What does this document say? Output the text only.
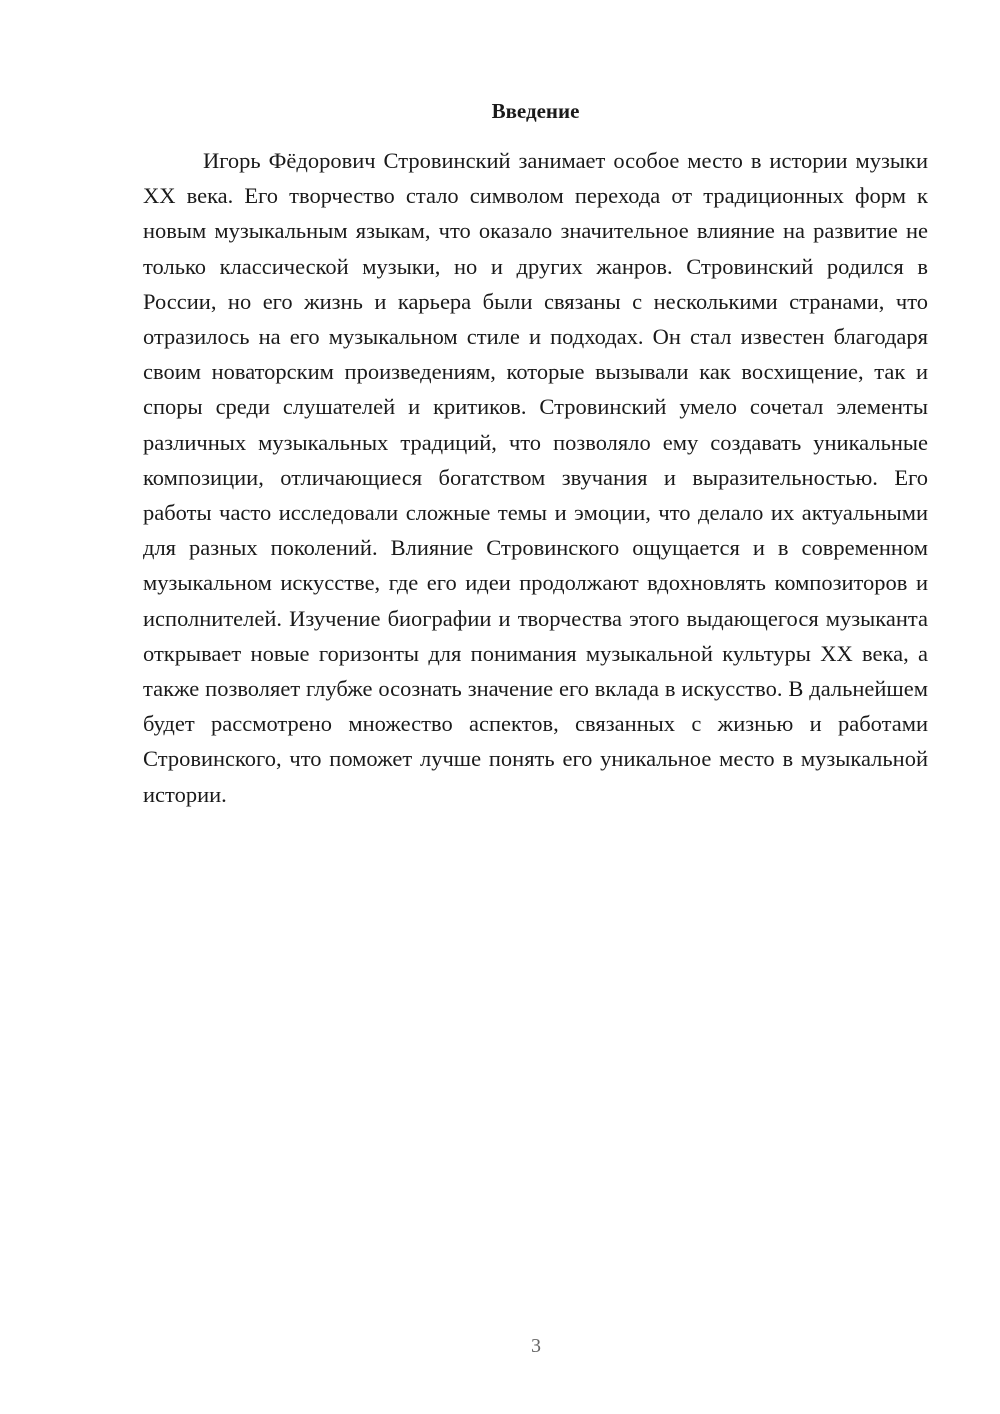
Введение

Игорь Фёдорович Стровинский занимает особое место в истории музыки XX века. Его творчество стало символом перехода от традиционных форм к новым музыкальным языкам, что оказало значительное влияние на развитие не только классической музыки, но и других жанров. Стровинский родился в России, но его жизнь и карьера были связаны с несколькими странами, что отразилось на его музыкальном стиле и подходах. Он стал известен благодаря своим новаторским произведениям, которые вызывали как восхищение, так и споры среди слушателей и критиков. Стровинский умело сочетал элементы различных музыкальных традиций, что позволяло ему создавать уникальные композиции, отличающиеся богатством звучания и выразительностью. Его работы часто исследовали сложные темы и эмоции, что делало их актуальными для разных поколений. Влияние Стровинского ощущается и в современном музыкальном искусстве, где его идеи продолжают вдохновлять композиторов и исполнителей. Изучение биографии и творчества этого выдающегося музыканта открывает новые горизонты для понимания музыкальной культуры XX века, а также позволяет глубже осознать значение его вклада в искусство. В дальнейшем будет рассмотрено множество аспектов, связанных с жизнью и работами Стровинского, что поможет лучше понять его уникальное место в музыкальной истории.

3
